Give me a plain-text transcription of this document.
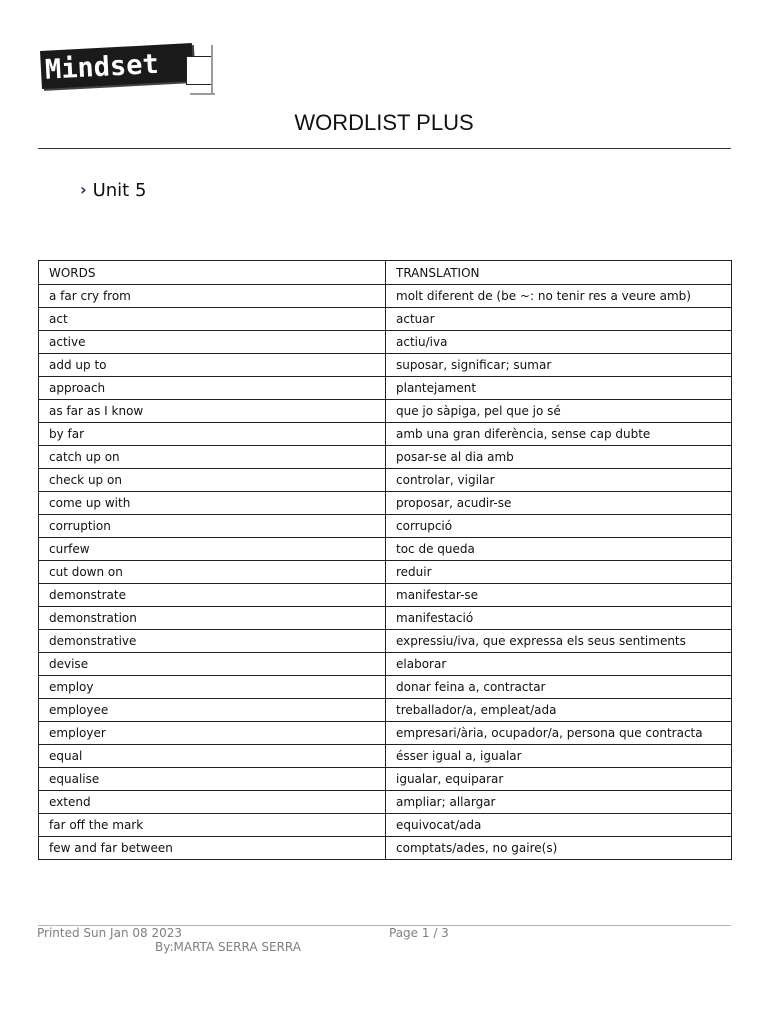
Mindset
WORDLIST PLUS
› Unit 5
WORDS	TRANSLATION
a far cry from	molt diferent de (be ~: no tenir res a veure amb)
act	actuar
active	actiu/iva
add up to	suposar, significar; sumar
approach	plantejament
as far as I know	que jo sàpiga, pel que jo sé
by far	amb una gran diferència, sense cap dubte
catch up on	posar-se al dia amb
check up on	controlar, vigilar
come up with	proposar, acudir-se
corruption	corrupció
curfew	toc de queda
cut down on	reduir
demonstrate	manifestar-se
demonstration	manifestació
demonstrative	expressiu/iva, que expressa els seus sentiments
devise	elaborar
employ	donar feina a, contractar
employee	treballador/a, empleat/ada
employer	empresari/ària, ocupador/a, persona que contracta
equal	ésser igual a, igualar
equalise	igualar, equiparar
extend	ampliar; allargar
far off the mark	equivocat/ada
few and far between	comptats/ades, no gaire(s)
Printed Sun Jan 08 2023	Page 1 / 3
By:MARTA SERRA SERRA
